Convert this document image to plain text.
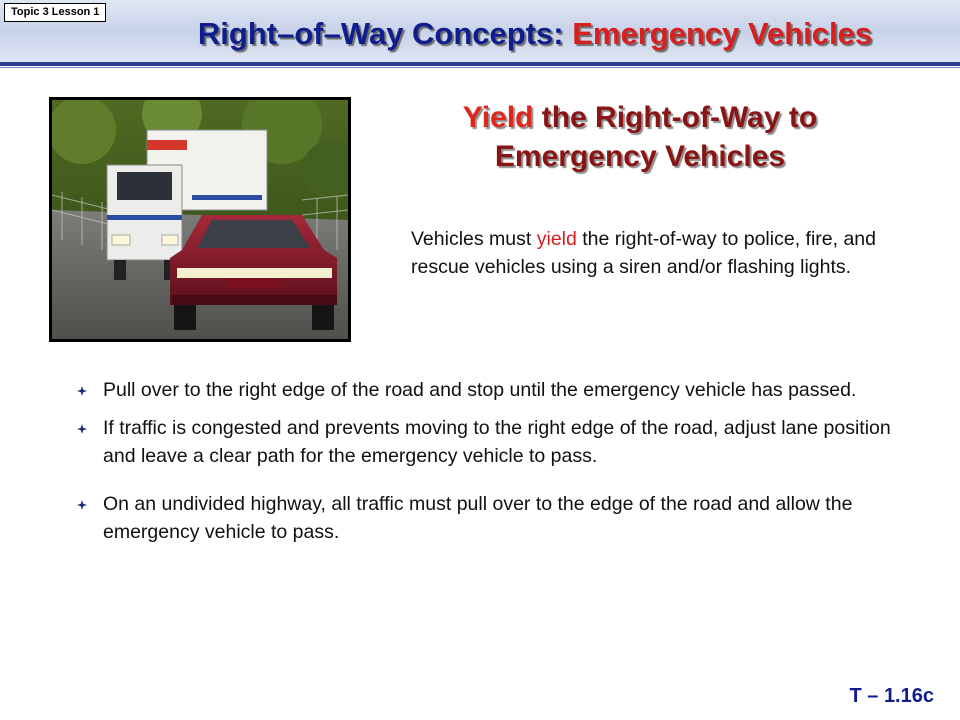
Topic 3 Lesson 1
Right–of–Way Concepts: Emergency Vehicles
Yield the Right-of-Way to
Emergency Vehicles

Vehicles must yield the right-of-way to police, fire, and rescue vehicles using a siren and/or flashing lights.

Pull over to the right edge of the road and stop until the emergency vehicle has passed.
If traffic is congested and prevents moving to the right edge of the road, adjust lane position and leave a clear path for the emergency vehicle to pass.
On an undivided highway, all traffic must pull over to the edge of the road and allow the emergency vehicle to pass.

T – 1.16c
